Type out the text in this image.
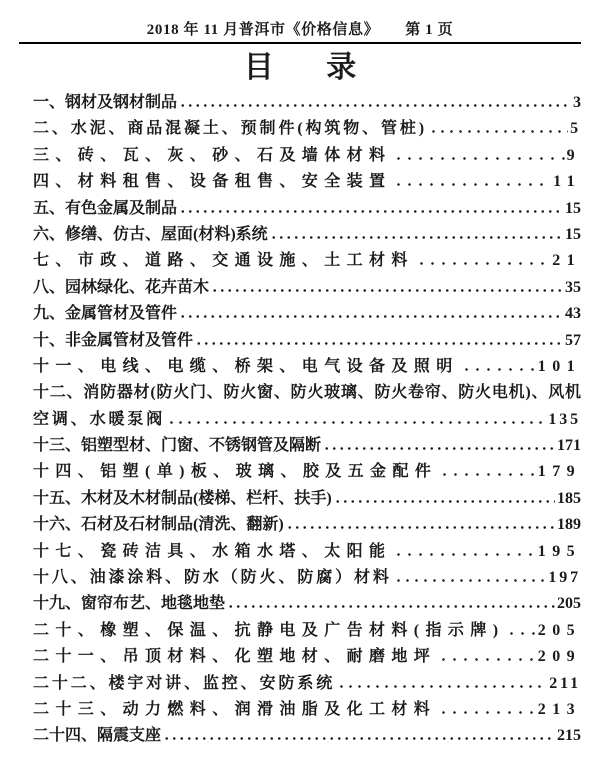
2018 年 11 月普洱市《价格信息》 第 1 页
目录
一、钢材及钢材制品	3
二、水泥、商品混凝土、预制件(构筑物、管桩)	5
三、砖、瓦、灰、砂、石及墙体材料	9
四、材料租售、设备租售、安全装置	11
五、有色金属及制品	15
六、修缮、仿古、屋面(材料)系统	15
七、市政、道路、交通设施、土工材料	21
八、园林绿化、花卉苗木	35
九、金属管材及管件	43
十、非金属管材及管件	57
十一、电线、电缆、桥架、电气设备及照明	101
十二、消防器材(防火门、防火窗、防火玻璃、防火卷帘、防火电机)、风机
空调、水暖泵阀	135
十三、铝塑型材、门窗、不锈钢管及隔断	171
十四、铝塑(单)板、玻璃、胶及五金配件	179
十五、木材及木材制品(楼梯、栏杆、扶手)	185
十六、石材及石材制品(清洗、翻新)	189
十七、瓷砖洁具、水箱水塔、太阳能	195
十八、油漆涂料、防水（防火、防腐）材料	197
十九、窗帘布艺、地毯地垫	205
二十、橡塑、保温、抗静电及广告材料(指示牌) 205
二十一、吊顶材料、化塑地材、耐磨地坪	209
二十二、楼宇对讲、监控、安防系统	211
二十三、动力燃料、润滑油脂及化工材料	213
二十四、隔震支座	215
